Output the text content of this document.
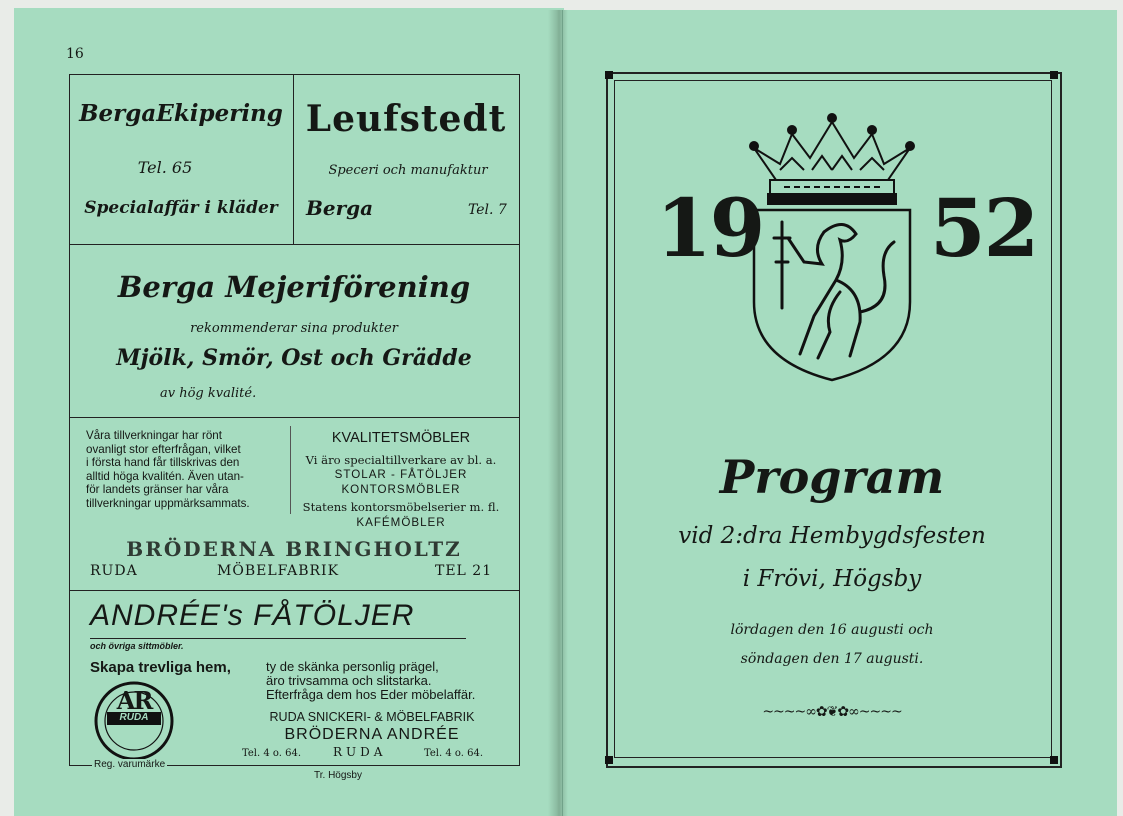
16
BergaEkipering
Tel. 65
Specialaffär i kläder
Leufstedt
Speceri och manufaktur
Berga	Tel. 7
Berga Mejeriförening
rekommenderar sina produkter
Mjölk, Smör, Ost och Grädde
av hög kvalité.
Våra tillverkningar har rönt
ovanligt stor efterfrågan, vilket
i första hand får tillskrivas den
alltid höga kvalitén. Även utan-
för landets gränser har våra
tillverkningar uppmärksammats.
KVALITETSMÖBLER
Vi äro specialtillverkare av bl. a.
STOLAR - FÅTÖLJER
KONTORSMÖBLER
Statens kontorsmöbelserier m. fl.
KAFÉMÖBLER
BRÖDERNA BRINGHOLTZ
RUDA	MÖBELFABRIK	TEL 21
ANDRÉE's FÅTÖLJER
och övriga sittmöbler.
Skapa trevliga hem,	ty de skänka personlig prägel,
äro trivsamma och slitstarka.
Efterfråga dem hos Eder möbelaffär.
AR
RUDA	RUDA SNICKERI- & MÖBELFABRIK
BRÖDERNA ANDRÉE
Tel. 4 o. 64.	RUDA	Tel. 4 o. 64.
Reg. varumärke
Tr. Högsby
19 52
Program
vid 2:dra Hembygdsfesten
i Frövi, Högsby
lördagen den 16 augusti och
söndagen den 17 augusti.
~~~~∞✿❦✿∞~~~~
